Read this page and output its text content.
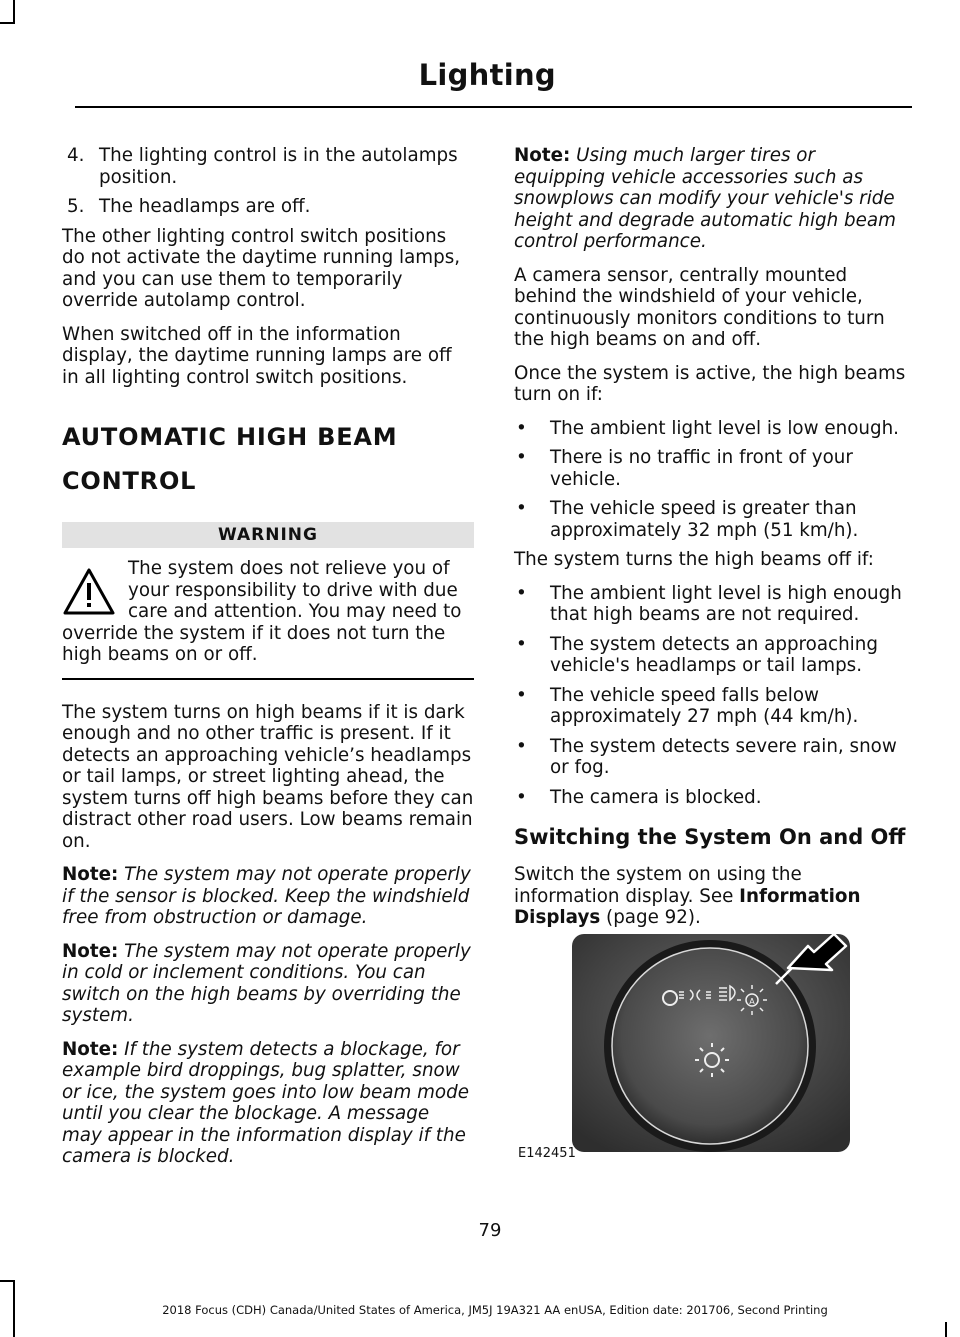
Lighting
4. The lighting control is in the autolamps position.
5. The headlamps are off.

The other lighting control switch positions do not activate the daytime running lamps, and you can use them to temporarily override autolamp control.

When switched off in the information display, the daytime running lamps are off in all lighting control switch positions.

AUTOMATIC HIGH BEAM
CONTROL
WARNING
The system does not relieve you of your responsibility to drive with due care and attention. You may need to override the system if it does not turn the high beams on or off.

The system turns on high beams if it is dark enough and no other traffic is present. If it detects an approaching vehicle’s headlamps or tail lamps, or street lighting ahead, the system turns off high beams before they can distract other road users. Low beams remain on.

Note: The system may not operate properly if the sensor is blocked. Keep the windshield free from obstruction or damage.

Note: The system may not operate properly in cold or inclement conditions. You can switch on the high beams by overriding the system.

Note: If the system detects a blockage, for example bird droppings, bug splatter, snow or ice, the system goes into low beam mode until you clear the blockage. A message may appear in the information display if the camera is blocked.

Note: Using much larger tires or equipping vehicle accessories such as snowplows can modify your vehicle's ride height and degrade automatic high beam control performance.

A camera sensor, centrally mounted behind the windshield of your vehicle, continuously monitors conditions to turn the high beams on and off.

Once the system is active, the high beams turn on if:

•	The ambient light level is low enough.
•	There is no traffic in front of your vehicle.
•	The vehicle speed is greater than approximately 32 mph (51 km/h).

The system turns the high beams off if:

•	The ambient light level is high enough that high beams are not required.
•	The system detects an approaching vehicle's headlamps or tail lamps.
•	The vehicle speed falls below approximately 27 mph (44 km/h).
•	The system detects severe rain, snow or fog.
•	The camera is blocked.
Switching the System On and Off

Switch the system on using the information display. See Information Displays (page 92).

A
E142451
79
2018 Focus (CDH) Canada/United States of America, JM5J 19A321 AA enUSA, Edition date: 201706, Second Printing
